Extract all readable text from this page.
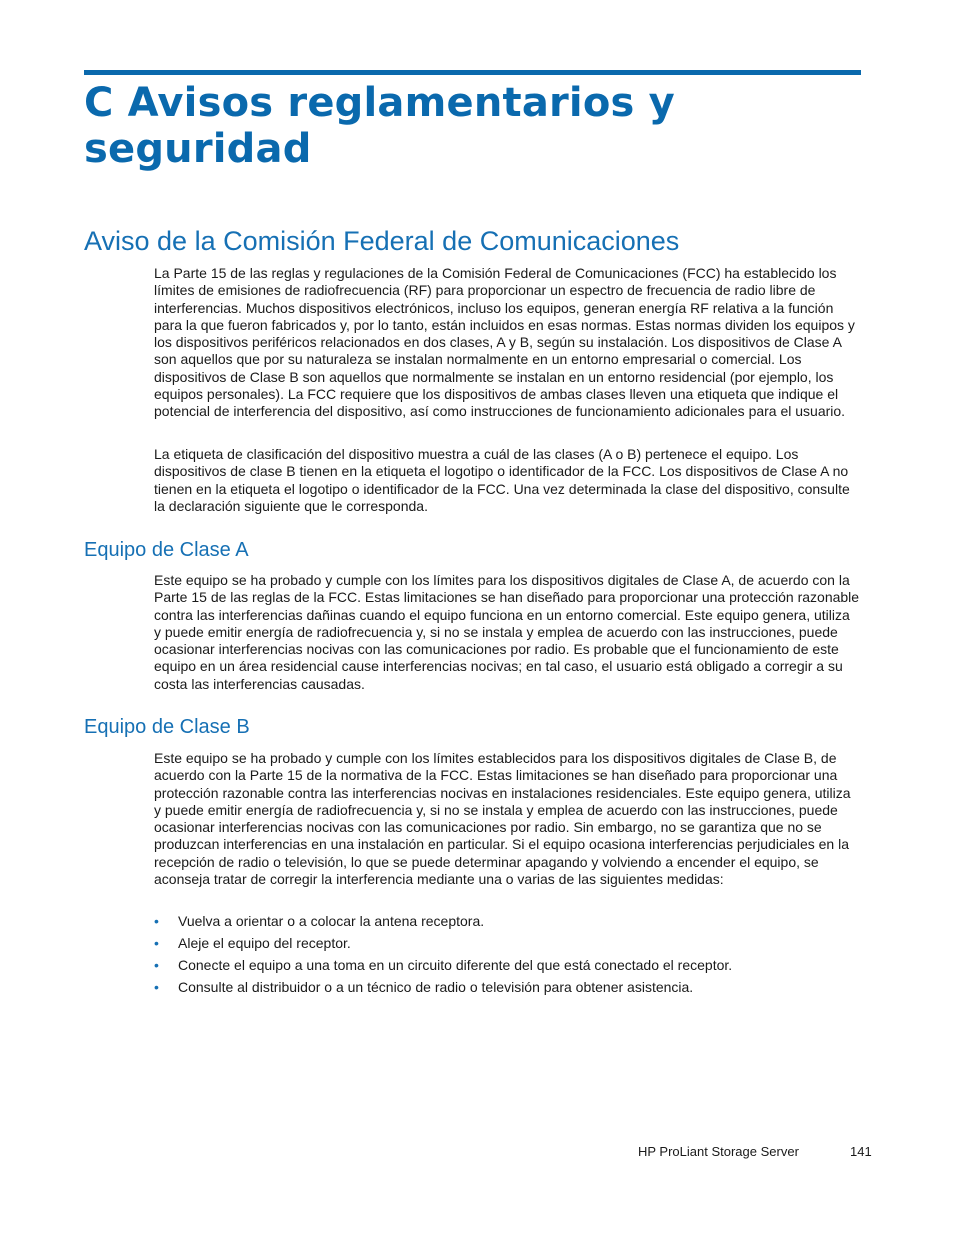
C Avisos reglamentarios y seguridad
Aviso de la Comisión Federal de Comunicaciones

La Parte 15 de las reglas y regulaciones de la Comisión Federal de Comunicaciones (FCC) ha establecido los límites de emisiones de radiofrecuencia (RF) para proporcionar un espectro de frecuencia de radio libre de interferencias. Muchos dispositivos electrónicos, incluso los equipos, generan energía RF relativa a la función para la que fueron fabricados y, por lo tanto, están incluidos en esas normas. Estas normas dividen los equipos y los dispositivos periféricos relacionados en dos clases, A y B, según su instalación. Los dispositivos de Clase A son aquellos que por su naturaleza se instalan normalmente en un entorno empresarial o comercial. Los dispositivos de Clase B son aquellos que normalmente se instalan en un entorno residencial (por ejemplo, los equipos personales). La FCC requiere que los dispositivos de ambas clases lleven una etiqueta que indique el potencial de interferencia del dispositivo, así como instrucciones de funcionamiento adicionales para el usuario.

La etiqueta de clasificación del dispositivo muestra a cuál de las clases (A o B) pertenece el equipo. Los dispositivos de clase B tienen en la etiqueta el logotipo o identificador de la FCC. Los dispositivos de Clase A no tienen en la etiqueta el logotipo o identificador de la FCC. Una vez determinada la clase del dispositivo, consulte la declaración siguiente que le corresponda.

Equipo de Clase A

Este equipo se ha probado y cumple con los límites para los dispositivos digitales de Clase A, de acuerdo con la Parte 15 de las reglas de la FCC. Estas limitaciones se han diseñado para proporcionar una protección razonable contra las interferencias dañinas cuando el equipo funciona en un entorno comercial. Este equipo genera, utiliza y puede emitir energía de radiofrecuencia y, si no se instala y emplea de acuerdo con las instrucciones, puede ocasionar interferencias nocivas con las comunicaciones por radio. Es probable que el funcionamiento de este equipo en un área residencial cause interferencias nocivas; en tal caso, el usuario está obligado a corregir a su costa las interferencias causadas.

Equipo de Clase B

Este equipo se ha probado y cumple con los límites establecidos para los dispositivos digitales de Clase B, de acuerdo con la Parte 15 de la normativa de la FCC. Estas limitaciones se han diseñado para proporcionar una protección razonable contra las interferencias nocivas en instalaciones residenciales. Este equipo genera, utiliza y puede emitir energía de radiofrecuencia y, si no se instala y emplea de acuerdo con las instrucciones, puede ocasionar interferencias nocivas con las comunicaciones por radio. Sin embargo, no se garantiza que no se produzcan interferencias en una instalación en particular. Si el equipo ocasiona interferencias perjudiciales en la recepción de radio o televisión, lo que se puede determinar apagando y volviendo a encender el equipo, se aconseja tratar de corregir la interferencia mediante una o varias de las siguientes medidas:

• Vuelva a orientar o a colocar la antena receptora.
• Aleje el equipo del receptor.
• Conecte el equipo a una toma en un circuito diferente del que está conectado el receptor.
• Consulte al distribuidor o a un técnico de radio o televisión para obtener asistencia.
HP ProLiant Storage Server	141
